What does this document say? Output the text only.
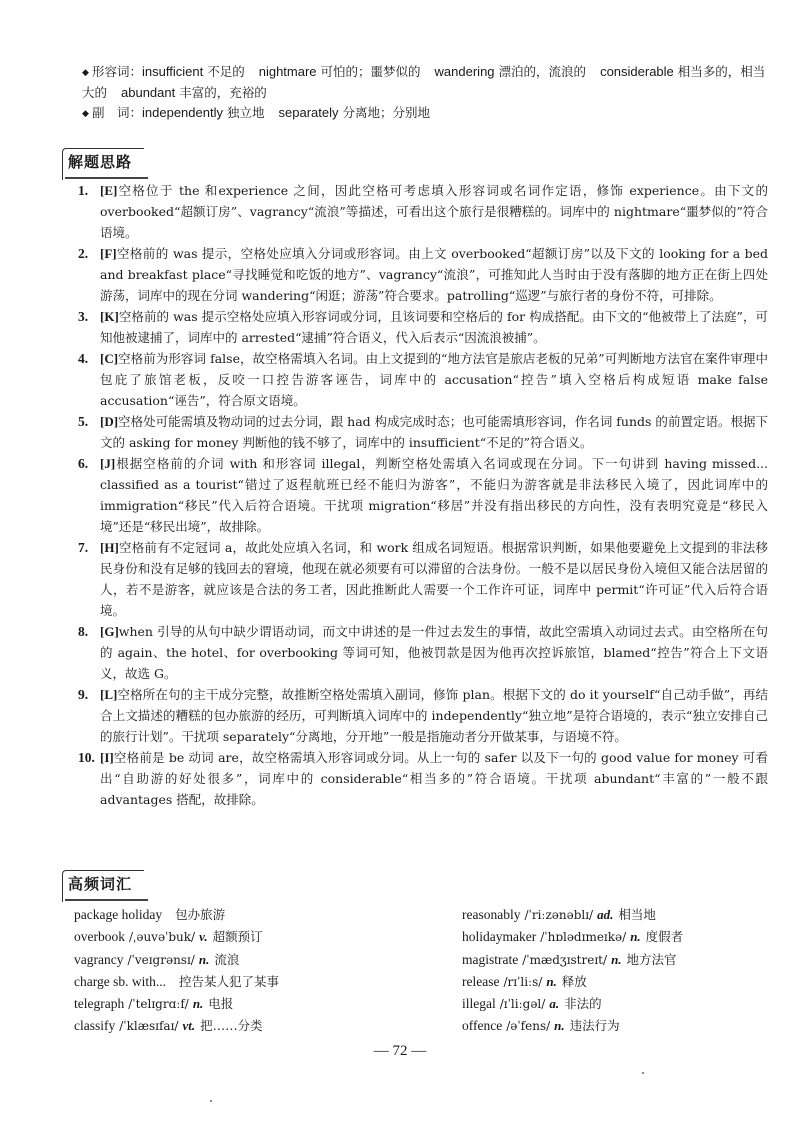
◆ 形容词：insufficient 不足的 nightmare 可怕的；噩梦似的 wandering 漂泊的，流浪的 considerable 相当多的，相当大的 abundant 丰富的，充裕的
◆ 副　词：independently 独立地 separately 分离地；分别地
解题思路
1. [E]空格位于 the 和experience 之间，因此空格可考虑填入形容词或名词作定语，修饰 experience。由下文的 overbooked“超额订房”、vagrancy“流浪”等描述，可看出这个旅行是很糟糕的。词库中的 nightmare“噩梦似的”符合语境。
2. [F]空格前的 was 提示，空格处应填入分词或形容词。由上文 overbooked“超额订房”以及下文的 looking for a bed and breakfast place“寻找睡觉和吃饭的地方”、vagrancy“流浪”，可推知此人当时由于没有落脚的地方正在街上四处游荡，词库中的现在分词 wandering“闲逛；游荡”符合要求。patrolling“巡逻”与旅行者的身份不符，可排除。
3. [K]空格前的 was 提示空格处应填入形容词或分词，且该词要和空格后的 for 构成搭配。由下文的“他被带上了法庭”，可知他被逮捕了，词库中的 arrested“逮捕”符合语义，代入后表示“因流浪被捕”。
4. [C]空格前为形容词 false，故空格需填入名词。由上文提到的“地方法官是旅店老板的兄弟”可判断地方法官在案件审理中包庇了旅馆老板，反咬一口控告游客诬告，词库中的 accusation“控告”填入空格后构成短语 make false accusation“诬告”，符合原文语境。
5. [D]空格处可能需填及物动词的过去分词，跟 had 构成完成时态；也可能需填形容词，作名词 funds 的前置定语。根据下文的 asking for money 判断他的钱不够了，词库中的 insufficient“不足的”符合语义。
6. [J]根据空格前的介词 with 和形容词 illegal，判断空格处需填入名词或现在分词。下一句讲到 having missed... classified as a tourist“错过了返程航班已经不能归为游客”，不能归为游客就是非法移民入境了，因此词库中的 immigration“移民”代入后符合语境。干扰项 migration“移居”并没有指出移民的方向性，没有表明究竟是“移民入境”还是“移民出境”，故排除。
7. [H]空格前有不定冠词 a，故此处应填入名词，和 work 组成名词短语。根据常识判断，如果他要避免上文提到的非法移民身份和没有足够的钱回去的窘境，他现在就必须要有可以滞留的合法身份。一般不是以居民身份入境但又能合法居留的人，若不是游客，就应该是合法的务工者，因此推断此人需要一个工作许可证，词库中 permit“许可证”代入后符合语境。
8. [G]when 引导的从句中缺少谓语动词，而文中讲述的是一件过去发生的事情，故此空需填入动词过去式。由空格所在句的 again、the hotel、for overbooking 等词可知，他被罚款是因为他再次控诉旅馆，blamed“控告”符合上下文语义，故选 G。
9. [L]空格所在句的主干成分完整，故推断空格处需填入副词，修饰 plan。根据下文的 do it yourself“自己动手做”，再结合上文描述的糟糕的包办旅游的经历，可判断填入词库中的 independently“独立地”是符合语境的，表示“独立安排自己的旅行计划”。干扰项 separately“分离地，分开地”一般是指施动者分开做某事，与语境不符。
10. [I]空格前是 be 动词 are，故空格需填入形容词或分词。从上一句的 safer 以及下一句的 good value for money 可看出“自助游的好处很多”，词库中的 considerable“相当多的”符合语境。干扰项 abundant“丰富的”一般不跟 advantages 搭配，故排除。
高频词汇
package holiday 包办旅游
overbook /ˌəuvəˈbuk/ v. 超额预订
vagrancy /ˈveɪgrənsɪ/ n. 流浪
charge sb. with... 控告某人犯了某事
telegraph /ˈtelɪgrɑːf/ n. 电报
classify /ˈklæsɪfaɪ/ vt. 把……分类
reasonably /ˈriːzənəblɪ/ ad. 相当地
holidaymaker /ˈhɒlədɪmeɪkə/ n. 度假者
magistrate /ˈmædʒɪstreɪt/ n. 地方法官
release /rɪˈliːs/ n. 释放
illegal /ɪˈliːgəl/ a. 非法的
offence /əˈfens/ n. 违法行为
— 72 —
